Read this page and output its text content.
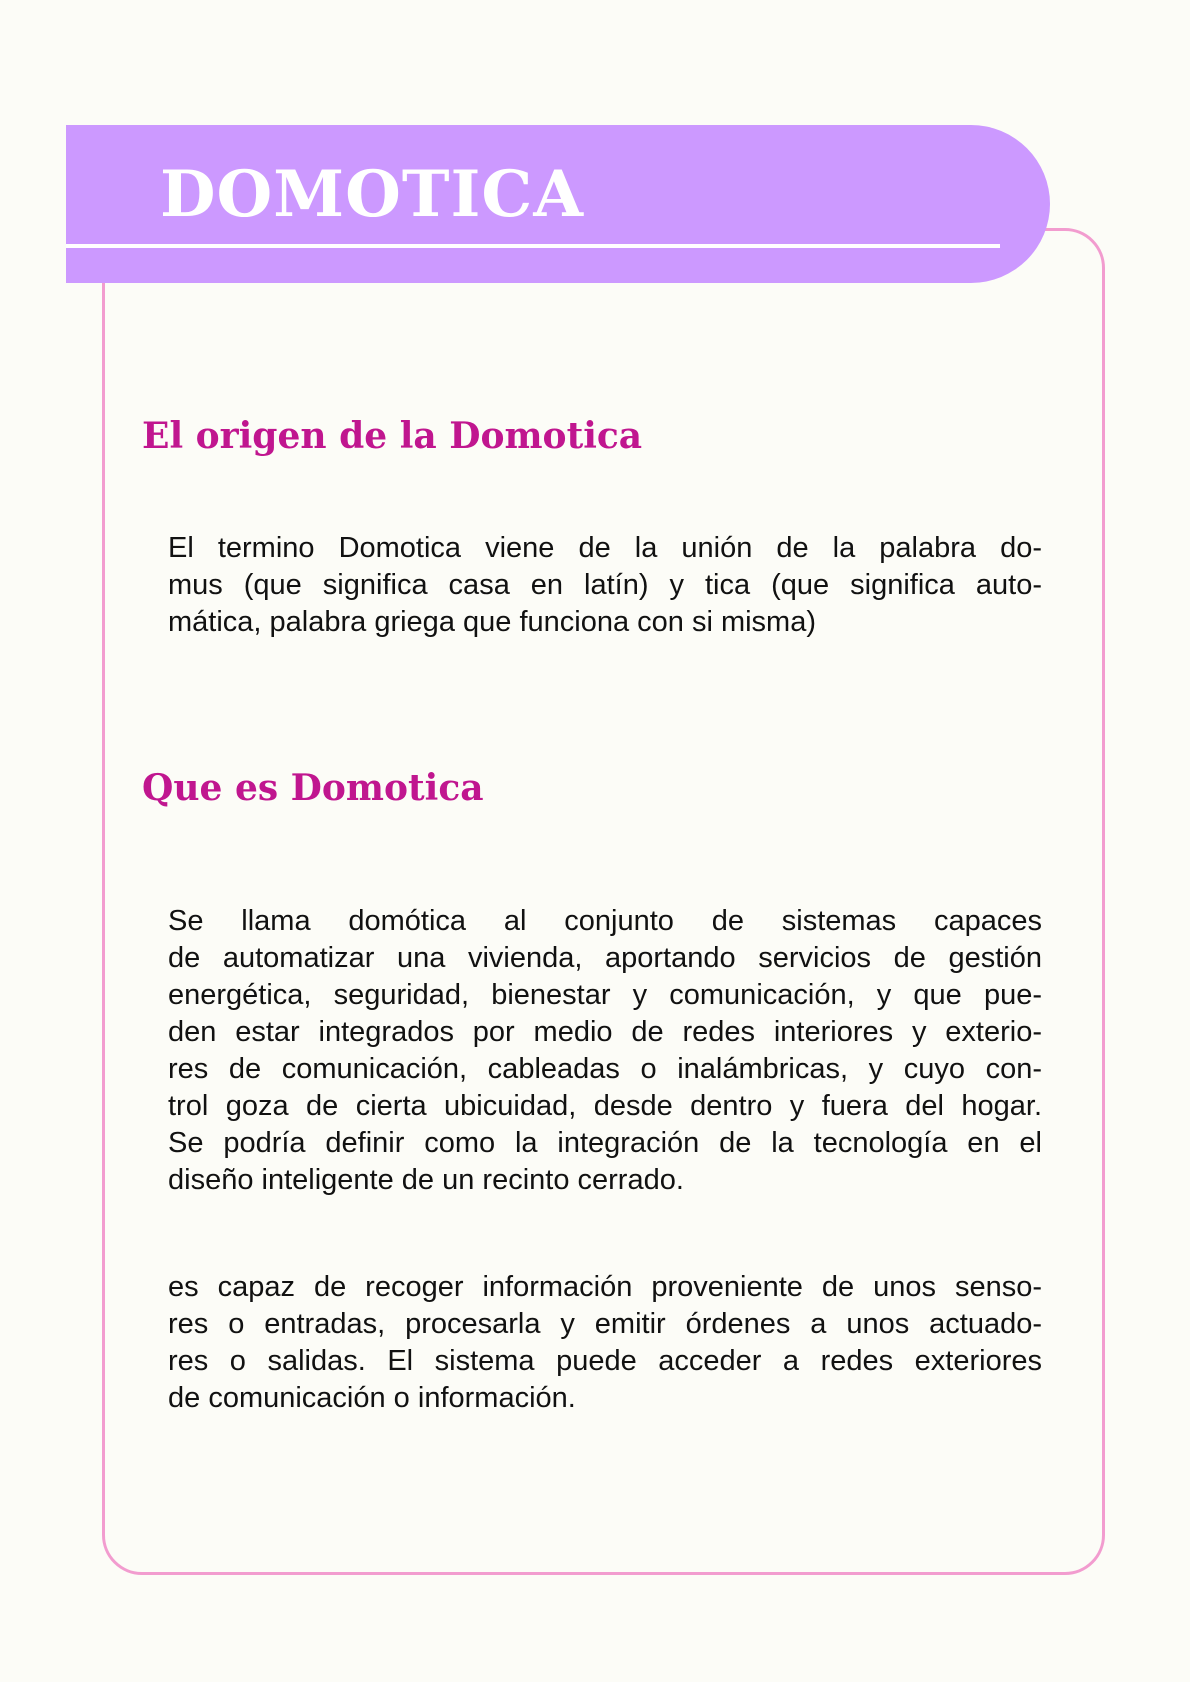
DOMOTICA
El origen de la Domotica
El termino Domotica viene de la unión de la palabra do-
mus (que significa casa en latín) y tica (que significa auto-
mática, palabra griega que funciona con si misma)
Que es Domotica
Se llama domótica al conjunto de sistemas capaces
de automatizar una vivienda, aportando servicios de gestión
energética, seguridad, bienestar y comunicación, y que pue-
den estar integrados por medio de redes interiores y exterio-
res de comunicación, cableadas o inalámbricas, y cuyo con-
trol goza de cierta ubicuidad, desde dentro y fuera del hogar.
Se podría definir como la integración de la tecnología en el
diseño inteligente de un recinto cerrado.
es capaz de recoger información proveniente de unos senso-
res o entradas, procesarla y emitir órdenes a unos actuado-
res o salidas. El sistema puede acceder a redes exteriores
de comunicación o información.
